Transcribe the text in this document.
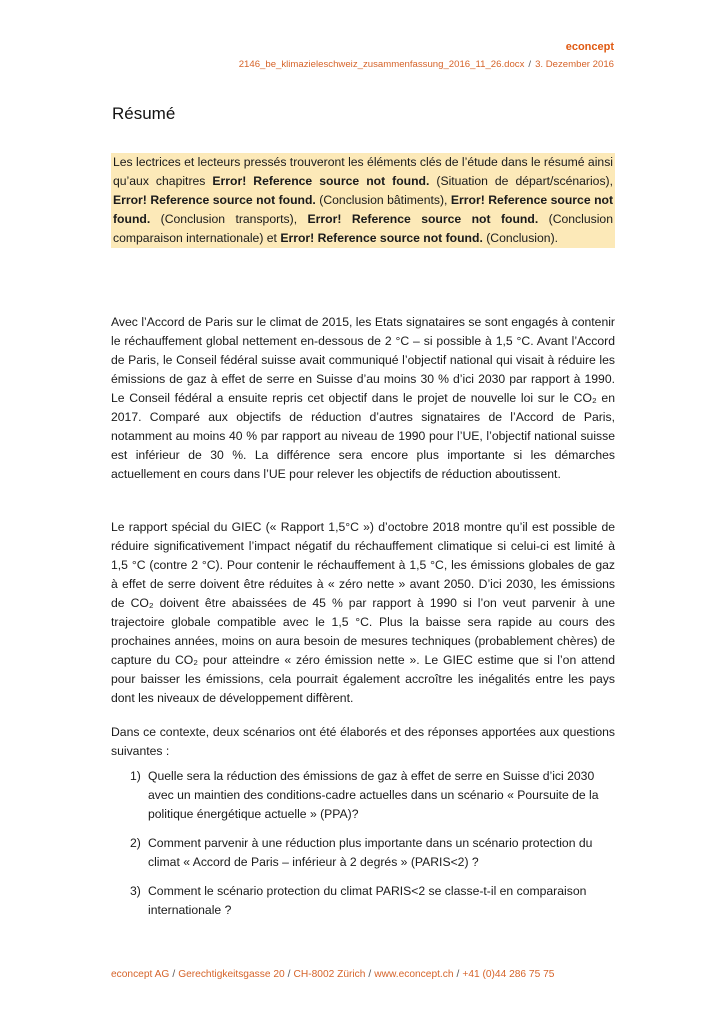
econcept
2146_be_klimazieleschweiz_zusammenfassung_2016_11_26.docx / 3. Dezember 2016
Résumé
Les lectrices et lecteurs pressés trouveront les éléments clés de l’étude dans le résumé ainsi qu’aux chapitres Error! Reference source not found. (Situation de départ/scénarios), Error! Reference source not found. (Conclusion bâtiments), Error! Reference source not found. (Conclusion transports), Error! Reference source not found. (Conclusion comparaison internationale) et Error! Reference source not found. (Conclusion).

Avec l’Accord de Paris sur le climat de 2015, les Etats signataires se sont engagés à contenir le réchauffement global nettement en-dessous de 2 °C – si possible à 1,5 °C. Avant l’Accord de Paris, le Conseil fédéral suisse avait communiqué l’objectif national qui visait à réduire les émissions de gaz à effet de serre en Suisse d’au moins 30 % d’ici 2030 par rapport à 1990. Le Conseil fédéral a ensuite repris cet objectif dans le projet de nouvelle loi sur le CO₂ en 2017. Comparé aux objectifs de réduction d’autres signataires de l’Accord de Paris, notamment au moins 40 % par rapport au niveau de 1990 pour l’UE, l’objectif national suisse est inférieur de 30 %. La différence sera encore plus importante si les démarches actuellement en cours dans l’UE pour relever les objectifs de réduction aboutissent.

Le rapport spécial du GIEC (« Rapport 1,5°C ») d’octobre 2018 montre qu’il est possible de réduire significativement l’impact négatif du réchauffement climatique si celui-ci est limité à 1,5 °C (contre 2 °C). Pour contenir le réchauffement à 1,5 °C, les émissions globales de gaz à effet de serre doivent être réduites à « zéro nette » avant 2050. D’ici 2030, les émissions de CO₂ doivent être abaissées de 45 % par rapport à 1990 si l’on veut parvenir à une trajectoire globale compatible avec le 1,5 °C. Plus la baisse sera rapide au cours des prochaines années, moins on aura besoin de mesures techniques (probablement chères) de capture du CO₂ pour atteindre « zéro émission nette ». Le GIEC estime que si l’on attend pour baisser les émissions, cela pourrait également accroître les inégalités entre les pays dont les niveaux de développement diffèrent.

Dans ce contexte, deux scénarios ont été élaborés et des réponses apportées aux questions suivantes :

1) Quelle sera la réduction des émissions de gaz à effet de serre en Suisse d’ici 2030 avec un maintien des conditions-cadre actuelles dans un scénario « Poursuite de la politique énergétique actuelle » (PPA)?
2) Comment parvenir à une réduction plus importante dans un scénario protection du climat « Accord de Paris – inférieur à 2 degrés » (PARIS<2) ?
3) Comment le scénario protection du climat PARIS<2 se classe-t-il en comparaison internationale ?
econcept AG / Gerechtigkeitsgasse 20 / CH-8002 Zürich / www.econcept.ch / +41 (0)44 286 75 75
